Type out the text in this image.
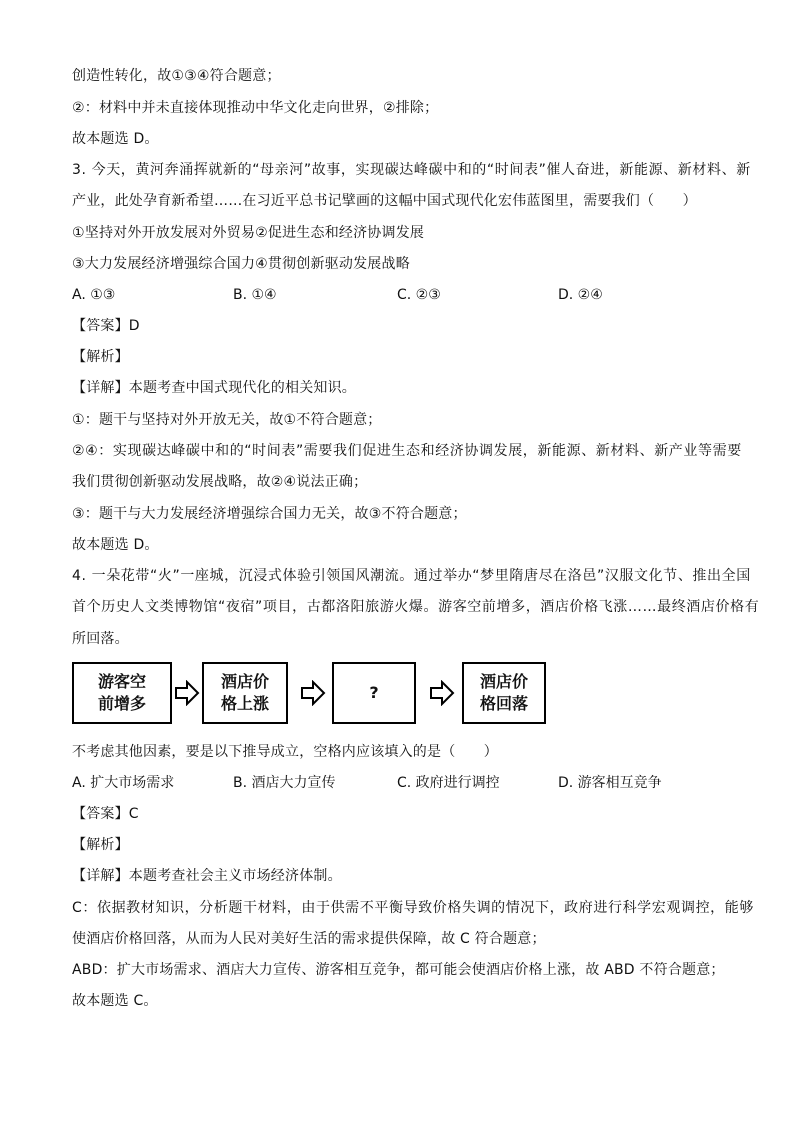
创造性转化，故①③④符合题意；
②：材料中并未直接体现推动中华文化走向世界，②排除；
故本题选 D。
3. 今天，黄河奔涌挥就新的“母亲河”故事，实现碳达峰碳中和的“时间表”催人奋进，新能源、新材料、新
产业，此处孕育新希望……在习近平总书记擘画的这幅中国式现代化宏伟蓝图里，需要我们（　　）
①坚持对外开放发展对外贸易②促进生态和经济协调发展
③大力发展经济增强综合国力④贯彻创新驱动发展战略
A. ①③	B. ①④	C. ②③	D. ②④
【答案】D
【解析】
【详解】本题考查中国式现代化的相关知识。
①：题干与坚持对外开放无关，故①不符合题意；
②④：实现碳达峰碳中和的“时间表”需要我们促进生态和经济协调发展，新能源、新材料、新产业等需要
我们贯彻创新驱动发展战略，故②④说法正确；
③：题干与大力发展经济增强综合国力无关，故③不符合题意；
故本题选 D。
4. 一朵花带“火”一座城，沉浸式体验引领国风潮流。通过举办“梦里隋唐尽在洛邑”汉服文化节、推出全国
首个历史人文类博物馆“夜宿”项目，古都洛阳旅游火爆。游客空前增多，酒店价格飞涨……最终酒店价格有
所回落。
游客空前增多
酒店价格上涨
?
酒店价格回落
不考虑其他因素，要是以下推导成立，空格内应该填入的是（　　）
A. 扩大市场需求	B. 酒店大力宣传	C. 政府进行调控	D. 游客相互竞争
【答案】C
【解析】
【详解】本题考查社会主义市场经济体制。
C：依据教材知识，分析题干材料，由于供需不平衡导致价格失调的情况下，政府进行科学宏观调控，能够
使酒店价格回落，从而为人民对美好生活的需求提供保障，故 C 符合题意；
ABD：扩大市场需求、酒店大力宣传、游客相互竞争，都可能会使酒店价格上涨，故 ABD 不符合题意；
故本题选 C。
